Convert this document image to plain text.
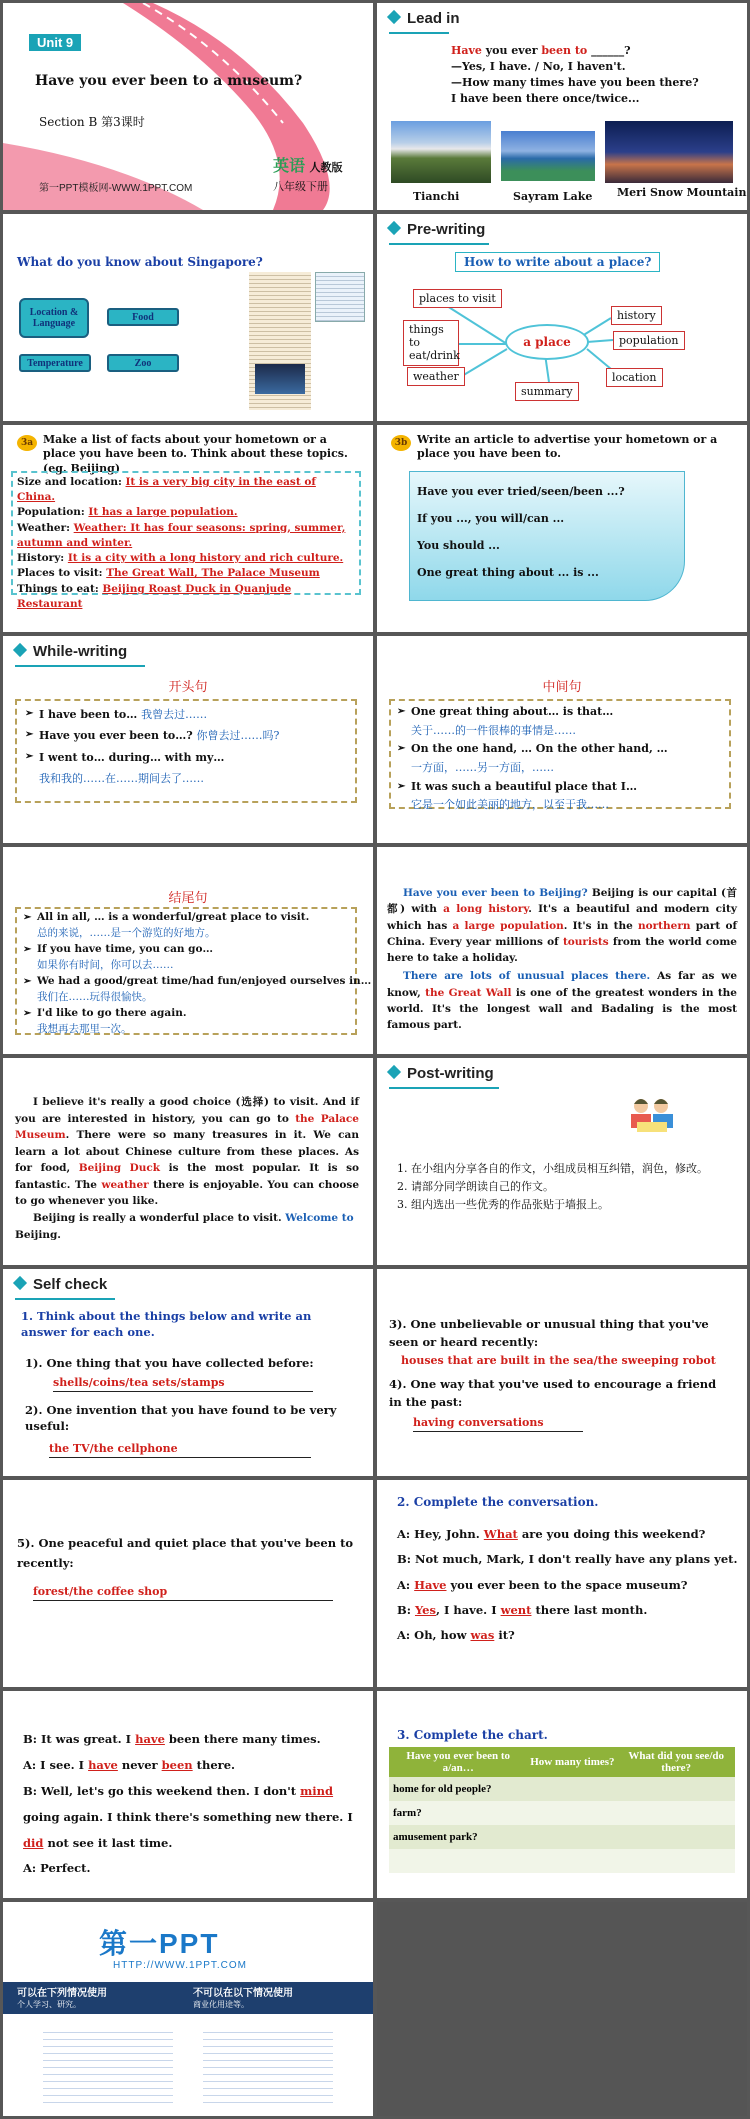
Unit 9
Have you ever been to a museum?
Section B 第3课时
第一PPT模板网-WWW.1PPT.COM
英语 人教版
八年级下册
Lead in
Have you ever been to ______?
—Yes, I have. / No, I haven't.
—How many times have you been there?
I have been there once/twice...
Tianchi	Sayram Lake Meri Snow Mountain
What do you know about Singapore?
Location & Language
Food
Temperature	Zoo
Pre-writing
How to write about a place?
a place
places to visit
things to eat/drink
weather
summary
location
population
history
3a Make a list of facts about your hometown or a place you have been to. Think about these topics. (eg. Beijing)
Size and location: It is a very big city in the east of China.
Population: It has a large population.
Weather: Weather: It has four seasons: spring, summer, autumn and winter.
History: It is a city with a long history and rich culture.
Places to visit: The Great Wall, The Palace Museum
Things to eat: Beijing Roast Duck in Quanjude Restaurant
3b Write an article to advertise your hometown or a place you have been to.
Have you ever tried/seen/been ...?
If you ..., you will/can ...
You should ...
One great thing about ... is ...
While-writing
开头句
➢ I have been to… 我曾去过……
➢ Have you ever been to…? 你曾去过……吗?
➢ I went to… during… with my…
我和我的……在……期间去了……
中间句
➢ One great thing about… is that…
关于……的一件很棒的事情是……
➢ On the one hand, … On the other hand, …
一方面，……另一方面，……
➢ It was such a beautiful place that I…
它是一个如此美丽的地方，以至于我……
结尾句
➢ All in all, … is a wonderful/great place to visit.
总的来说，……是一个游览的好地方。
➢ If you have time, you can go…
如果你有时间，你可以去……
➢ We had a good/great time/had fun/enjoyed ourselves in…
我们在……玩得很愉快。
➢ I'd like to go there again.
我想再去那里一次。
Have you ever been to Beijing? Beijing is our capital (首都) with a long history. It's a beautiful and modern city which has a large population. It's in the northern part of China. Every year millions of tourists from the world come here to take a holiday.
There are lots of unusual places there. As far as we know, the Great Wall is one of the greatest wonders in the world. It's the longest wall and Badaling is the most famous part.
I believe it's really a good choice (选择) to visit. And if you are interested in history, you can go to the Palace Museum. There were so many treasures in it. We can learn a lot about Chinese culture from these places. As for food, Beijing Duck is the most popular. It is so fantastic. The weather there is enjoyable. You can choose to go whenever you like.
Beijing is really a wonderful place to visit. Welcome to
Beijing.
Post-writing
1. 在小组内分享各自的作文，小组成员相互纠错，润色，修改。
2. 请部分同学朗读自己的作文。
3. 组内选出一些优秀的作品张贴于墙报上。
Self check
1. Think about the things below and write an answer for each one.
1). One thing that you have collected before:
shells/coins/tea sets/stamps
2). One invention that you have found to be very useful:
the TV/the cellphone
3). One unbelievable or unusual thing that you've seen or heard recently:
houses that are built in the sea/the sweeping robot
4). One way that you've used to encourage a friend in the past:
having conversations
5). One peaceful and quiet place that you've been to recently:
forest/the coffee shop
2. Complete the conversation.
A: Hey, John. What are you doing this weekend?
B: Not much, Mark, I don't really have any plans yet.
A: Have you ever been to the space museum?
B: Yes, I have. I went there last month.
A: Oh, how was it?
B: It was great. I have been there many times.
A: I see. I have never been there.
B: Well, let's go this weekend then. I don't mind going again. I think there's something new there. I did not see it last time.
A: Perfect.
3. Complete the chart.
Have you ever been to a/an…	How many times?	What did you see/do there?
home for old people?		
farm?		
amusement park?		

第一PPT
HTTP://WWW.1PPT.COM
可以在下列情况使用
个人学习、研究。
不可以在以下情况使用
商业化用途等。
